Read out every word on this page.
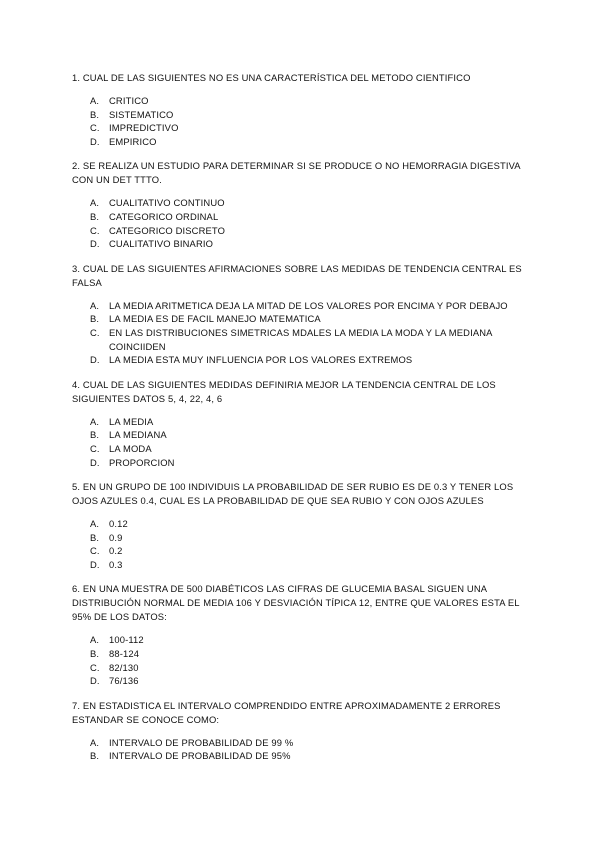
1. CUAL DE LAS SIGUIENTES NO ES UNA CARACTERÍSTICA DEL METODO CIENTIFICO

A.	CRITICO
B.	SISTEMATICO
C. IMPREDICTIVO
D. EMPIRICO

2. SE REALIZA UN ESTUDIO PARA DETERMINAR SI SE PRODUCE O NO HEMORRAGIA DIGESTIVA CON UN DET TTTO.

A.	CUALITATIVO CONTINUO
B.	CATEGORICO ORDINAL
C. CATEGORICO DISCRETO
D. CUALITATIVO BINARIO

3. CUAL DE LAS SIGUIENTES AFIRMACIONES SOBRE LAS MEDIDAS DE TENDENCIA CENTRAL ES FALSA

A.	LA MEDIA ARITMETICA DEJA LA MITAD DE LOS VALORES POR ENCIMA Y POR DEBAJO
B.	LA MEDIA ES DE FACIL MANEJO MATEMATICA
C. EN LAS DISTRIBUCIONES SIMETRICAS MDALES LA MEDIA LA MODA Y LA MEDIANA COINCIIDEN
D. LA MEDIA ESTA MUY INFLUENCIA POR LOS VALORES EXTREMOS

4. CUAL DE LAS SIGUIENTES MEDIDAS DEFINIRIA MEJOR LA TENDENCIA CENTRAL DE LOS SIGUIENTES DATOS 5, 4, 22, 4, 6

A.	LA MEDIA
B.	LA MEDIANA
C. LA MODA
D. PROPORCION

5. EN UN GRUPO DE 100 INDIVIDUIS LA PROBABILIDAD DE SER RUBIO ES DE 0.3 Y TENER LOS OJOS AZULES 0.4, CUAL ES LA PROBABILIDAD DE QUE SEA RUBIO Y CON OJOS AZULES

A.	0.12
B.	0.9
C. 0.2
D. 0.3

6. EN UNA MUESTRA DE 500 DIABÉTICOS LAS CIFRAS DE GLUCEMIA BASAL SIGUEN UNA DISTRIBUCIÓN NORMAL DE MEDIA 106 Y DESVIACIÓN TÍPICA 12, ENTRE QUE VALORES ESTA EL 95% DE LOS DATOS:

A.	100-112
B.	88-124
C. 82/130
D. 76/136

7. EN ESTADISTICA EL INTERVALO COMPRENDIDO ENTRE APROXIMADAMENTE 2 ERRORES ESTANDAR SE CONOCE COMO:

A.	INTERVALO DE PROBABILIDAD DE 99 %
B.	INTERVALO DE PROBABILIDAD DE 95%
